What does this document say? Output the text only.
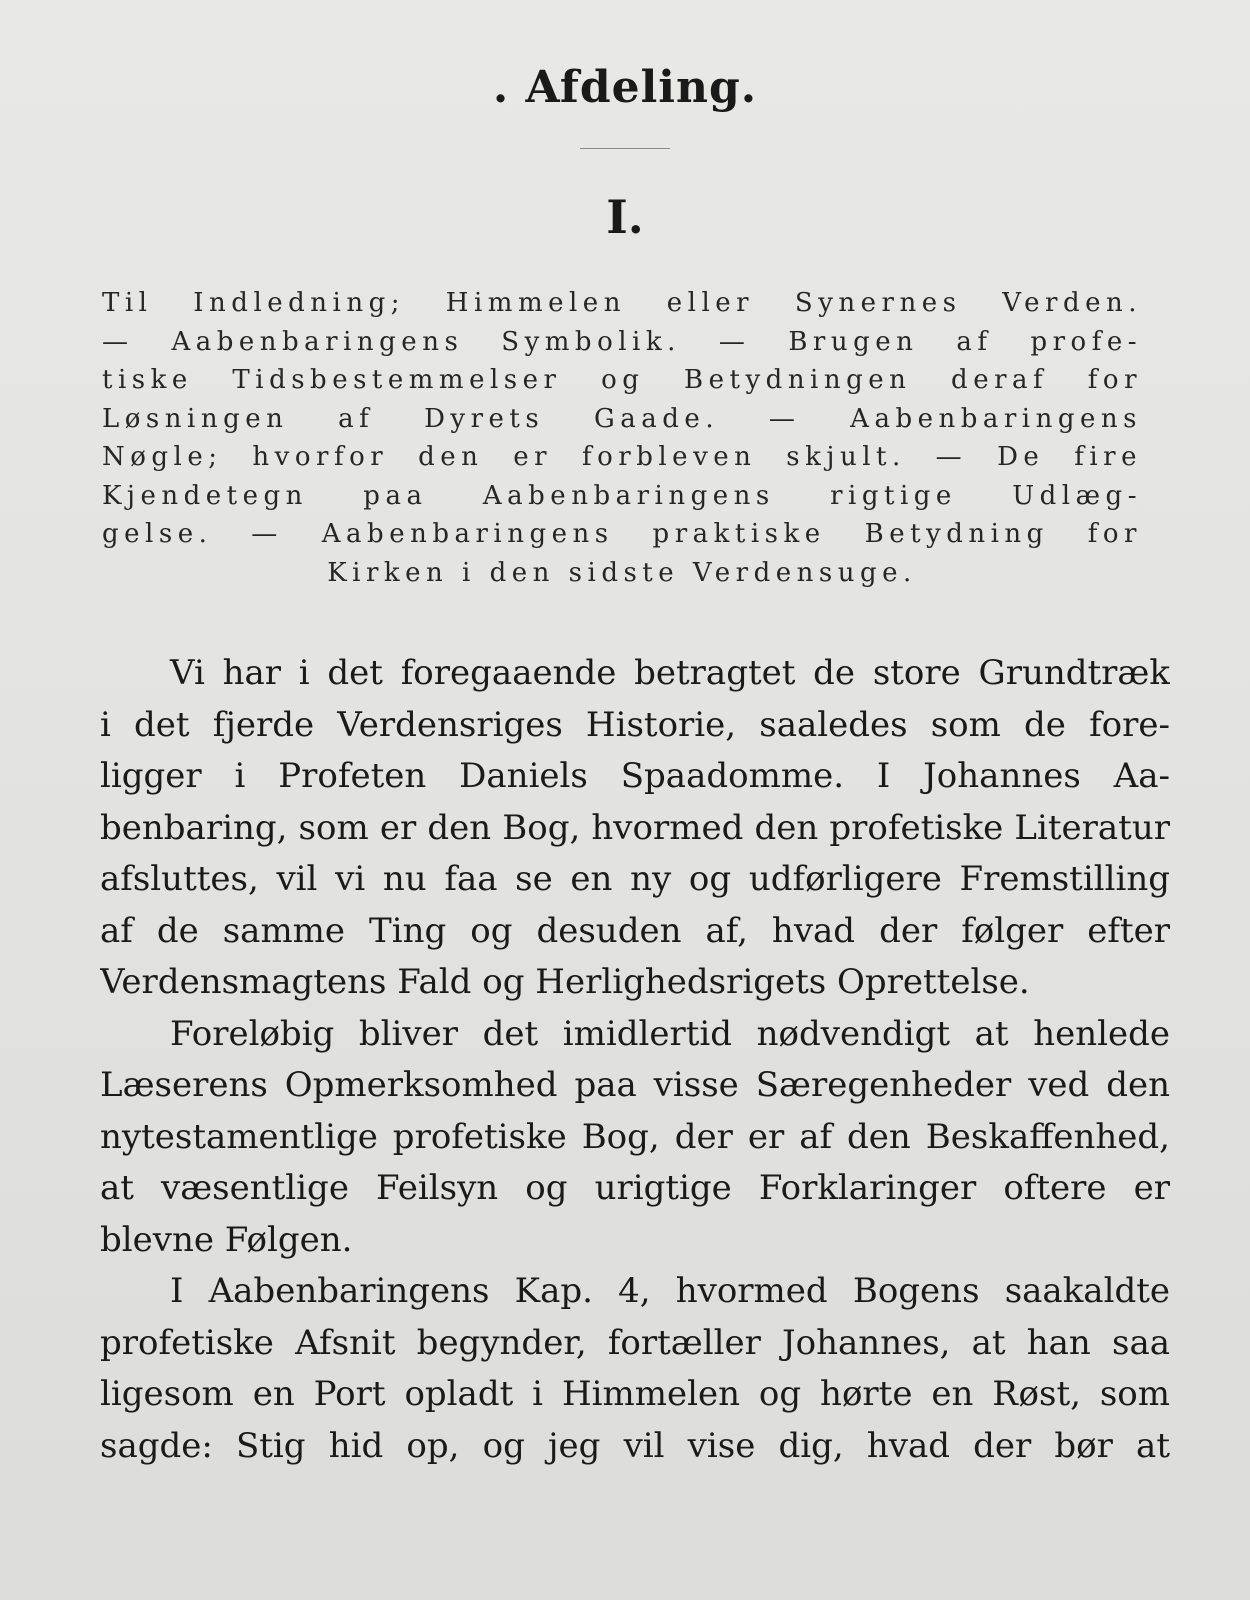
. Afdeling.
I.
Til Indledning; Himmelen eller Synernes Verden.
— Aabenbaringens Symbolik. — Brugen af profe-
tiske Tidsbestemmelser og Betydningen deraf for
Løsningen af Dyrets Gaade. — Aabenbaringens
Nøgle; hvorfor den er forbleven skjult. — De fire
Kjendetegn paa Aabenbaringens rigtige Udlæg-
gelse. — Aabenbaringens praktiske Betydning for
Kirken i den sidste Verdensuge.
Vi har i det foregaaende betragtet de store Grundtræk
i det fjerde Verdensriges Historie, saaledes som de fore-
ligger i Profeten Daniels Spaadomme. I Johannes Aa-
benbaring, som er den Bog, hvormed den profetiske Literatur
afsluttes, vil vi nu faa se en ny og udførligere Fremstilling
af de samme Ting og desuden af, hvad der følger efter
Verdensmagtens Fald og Herlighedsrigets Oprettelse.
Foreløbig bliver det imidlertid nødvendigt at henlede
Læserens Opmerksomhed paa visse Særegenheder ved den
nytestamentlige profetiske Bog, der er af den Beskaffenhed,
at væsentlige Feilsyn og urigtige Forklaringer oftere er
blevne Følgen.
I Aabenbaringens Kap. 4, hvormed Bogens saakaldte
profetiske Afsnit begynder, fortæller Johannes, at han saa
ligesom en Port opladt i Himmelen og hørte en Røst, som
sagde: Stig hid op, og jeg vil vise dig, hvad der bør at
